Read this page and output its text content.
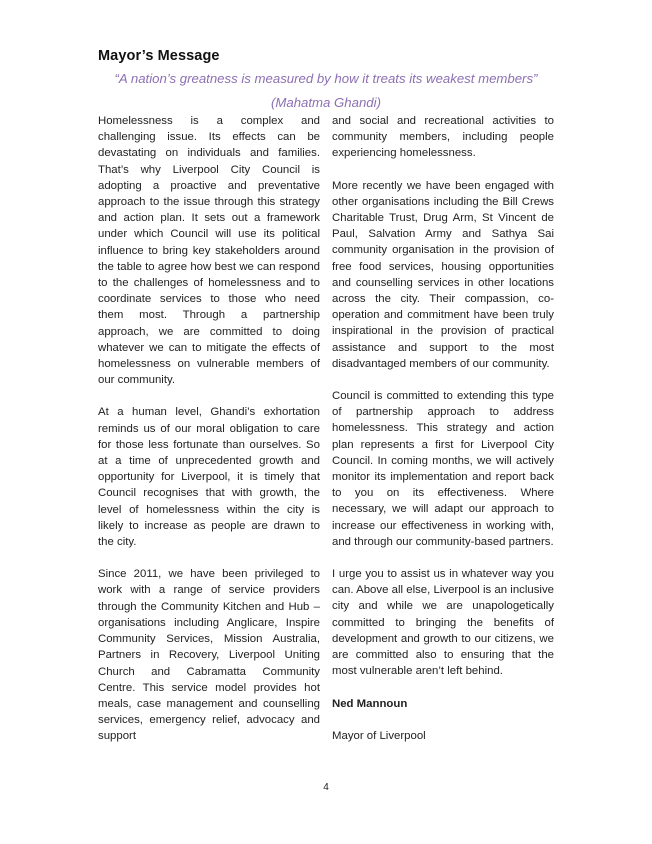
Mayor’s Message

“A nation’s greatness is measured by how it treats its weakest members”

(Mahatma Ghandi)

Homelessness is a complex and challenging issue. Its effects can be devastating on individuals and families. That’s why Liverpool City Council is adopting a proactive and preventative approach to the issue through this strategy and action plan. It sets out a framework under which Council will use its political influence to bring key stakeholders around the table to agree how best we can respond to the challenges of homelessness and to coordinate services to those who need them most. Through a partnership approach, we are committed to doing whatever we can to mitigate the effects of homelessness on vulnerable members of our community.

At a human level, Ghandi’s exhortation reminds us of our moral obligation to care for those less fortunate than ourselves. So at a time of unprecedented growth and opportunity for Liverpool, it is timely that Council recognises that with growth, the level of homelessness within the city is likely to increase as people are drawn to the city.

Since 2011, we have been privileged to work with a range of service providers through the Community Kitchen and Hub – organisations including Anglicare, Inspire Community Services, Mission Australia, Partners in Recovery, Liverpool Uniting Church and Cabramatta Community Centre. This service model provides hot meals, case management and counselling services, emergency relief, advocacy and support

and social and recreational activities to community members, including people experiencing homelessness.

More recently we have been engaged with other organisations including the Bill Crews Charitable Trust, Drug Arm, St Vincent de Paul, Salvation Army and Sathya Sai community organisation in the provision of free food services, housing opportunities and counselling services in other locations across the city. Their compassion, co-operation and commitment have been truly inspirational in the provision of practical assistance and support to the most disadvantaged members of our community.

Council is committed to extending this type of partnership approach to address homelessness. This strategy and action plan represents a first for Liverpool City Council. In coming months, we will actively monitor its implementation and report back to you on its effectiveness. Where necessary, we will adapt our approach to increase our effectiveness in working with, and through our community-based partners.

I urge you to assist us in whatever way you can. Above all else, Liverpool is an inclusive city and while we are unapologetically committed to bringing the benefits of development and growth to our citizens, we are committed also to ensuring that the most vulnerable aren’t left behind.

Ned Mannoun

Mayor of Liverpool

4
